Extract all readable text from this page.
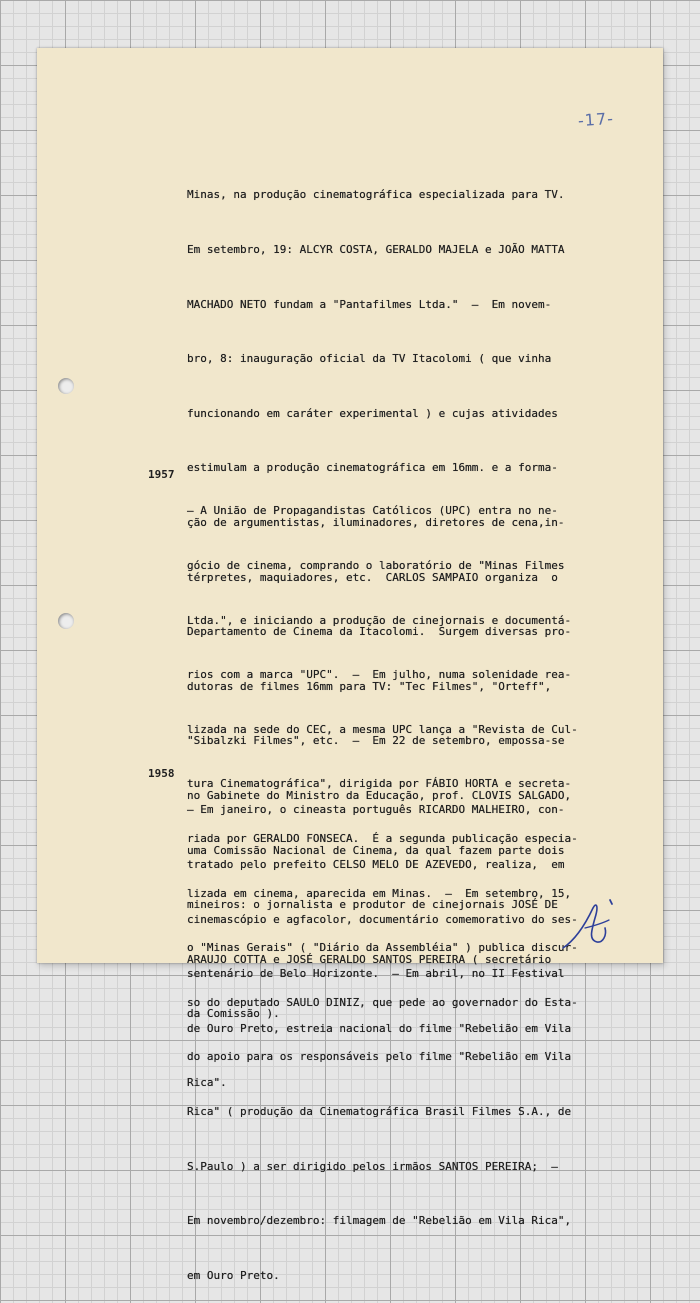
-17-

Minas, na produção cinematográfica especializada para TV.

Em setembro, 19: ALCYR COSTA, GERALDO MAJELA e JOÃO MATTA

MACHADO NETO fundam a "Pantafilmes Ltda."  —  Em novem-

bro, 8: inauguração oficial da TV Itacolomi ( que vinha

funcionando em caráter experimental ) e cujas atividades

estimulam a produção cinematográfica em 16mm. e a forma-

ção de argumentistas, iluminadores, diretores de cena,in-

térpretes, maquiadores, etc.  CARLOS SAMPAIO organiza  o

Departamento de Cinema da Itacolomi.  Surgem diversas pro-

dutoras de filmes 16mm para TV: "Tec Filmes", "Orteff",

"Sibalzki Filmes", etc.  —  Em 22 de setembro, empossa-se

no Gabinete do Ministro da Educação, prof. CLOVIS SALGADO,

uma Comissão Nacional de Cinema, da qual fazem parte dois

mineiros: o jornalista e produtor de cinejornais JOSÉ DE

ARAUJO COTTA e JOSÉ GERALDO SANTOS PEREIRA ( secretário

da Comissão ).

1957

— A União de Propagandistas Católicos (UPC) entra no ne-

gócio de cinema, comprando o laboratório de "Minas Filmes

Ltda.", e iniciando a produção de cinejornais e documentá-

rios com a marca "UPC".  —  Em julho, numa solenidade rea-

lizada na sede do CEC, a mesma UPC lança a "Revista de Cul-

tura Cinematográfica", dirigida por FÁBIO HORTA e secreta-

riada por GERALDO FONSECA.  É a segunda publicação especia-

lizada em cinema, aparecida em Minas.  —  Em setembro, 15,

o "Minas Gerais" ( "Diário da Assembléia" ) publica discur-

so do deputado SAULO DINIZ, que pede ao governador do Esta-

do apoio para os responsáveis pelo filme "Rebelião em Vila

Rica" ( produção da Cinematográfica Brasil Filmes S.A., de

S.Paulo ) a ser dirigido pelos irmãos SANTOS PEREIRA;  —

Em novembro/dezembro: filmagem de "Rebelião em Vila Rica",

em Ouro Preto.

1958

— Em janeiro, o cineasta português RICARDO MALHEIRO, con-

tratado pelo prefeito CELSO MELO DE AZEVEDO, realiza,  em

cinemascópio e agfacolor, documentário comemorativo do ses-

sentenário de Belo Horizonte.  — Em abril, no II Festival

de Ouro Preto, estreia nacional do filme "Rebelião em Vila

Rica".
